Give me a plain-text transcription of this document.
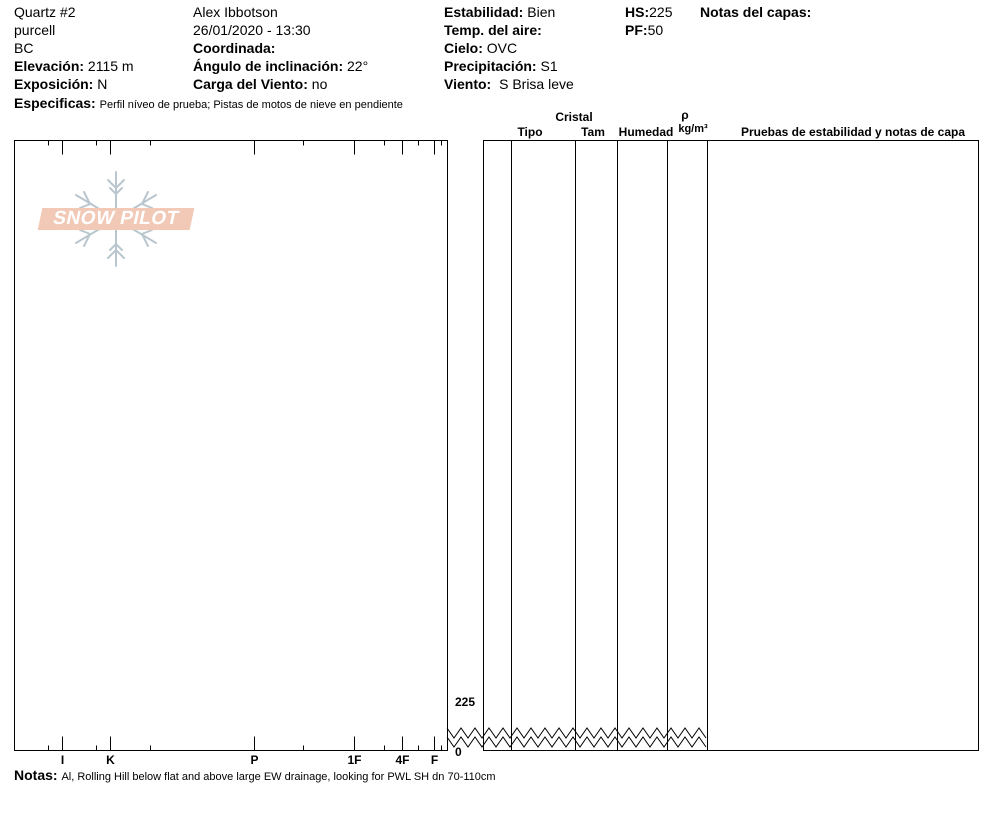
Quartz #2
purcell
BC
Elevación: 2115 m
Exposición: N
Alex Ibbotson
26/01/2020 - 13:30
Coordinada:
Ángulo de inclinación: 22°
Carga del Viento: no
Estabilidad: Bien
Temp. del aire:
Cielo: OVC
Precipitación: S1
Viento: S Brisa leve
HS:225
PF:50
Notas del capas:
Especificas: Perfil níveo de prueba; Pistas de motos de nieve en pendiente
Cristal
Tipo	Tam	Humedad
ρ
kg/m³	Pruebas de estabilidad y notas de capa
SNOW PILOT
225
0
I	K	P	1F	4F F
Notas: Al, Rolling Hill below flat and above large EW drainage, looking for PWL SH dn 70-110cm
